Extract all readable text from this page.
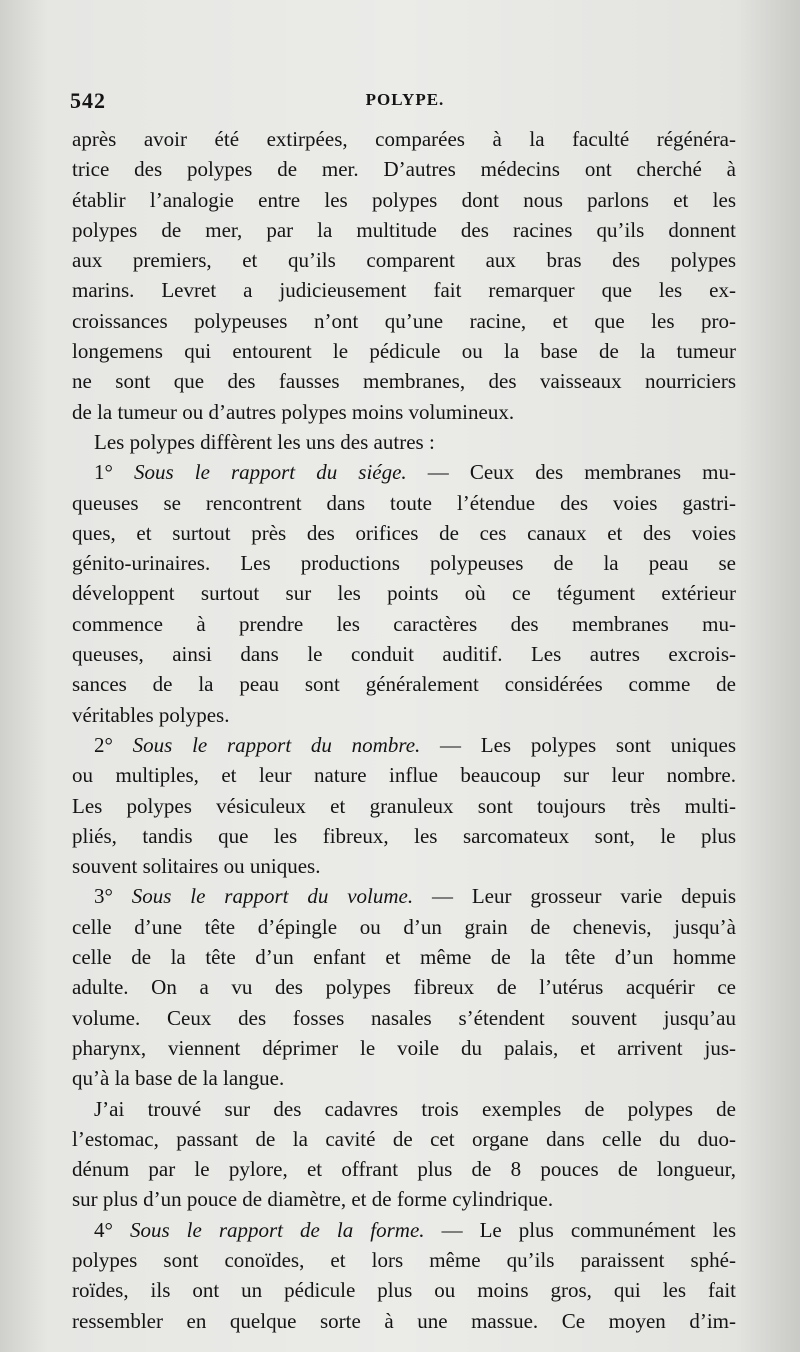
542	POLYPE.
après avoir été extirpées, comparées à la faculté régénéra-
trice des polypes de mer. D’autres médecins ont cherché à
établir l’analogie entre les polypes dont nous parlons et les
polypes de mer, par la multitude des racines qu’ils donnent
aux premiers, et qu’ils comparent aux bras des polypes
marins. Levret a judicieusement fait remarquer que les ex-
croissances polypeuses n’ont qu’une racine, et que les pro-
longemens qui entourent le pédicule ou la base de la tumeur
ne sont que des fausses membranes, des vaisseaux nourriciers
de la tumeur ou d’autres polypes moins volumineux.
Les polypes diffèrent les uns des autres :
1° Sous le rapport du siége. — Ceux des membranes mu-
queuses se rencontrent dans toute l’étendue des voies gastri-
ques, et surtout près des orifices de ces canaux et des voies
génito-urinaires. Les productions polypeuses de la peau se
développent surtout sur les points où ce tégument extérieur
commence à prendre les caractères des membranes mu-
queuses, ainsi dans le conduit auditif. Les autres excrois-
sances de la peau sont généralement considérées comme de
véritables polypes.
2° Sous le rapport du nombre. — Les polypes sont uniques
ou multiples, et leur nature influe beaucoup sur leur nombre.
Les polypes vésiculeux et granuleux sont toujours très multi-
pliés, tandis que les fibreux, les sarcomateux sont, le plus
souvent solitaires ou uniques.
3° Sous le rapport du volume. — Leur grosseur varie depuis
celle d’une tête d’épingle ou d’un grain de chenevis, jusqu’à
celle de la tête d’un enfant et même de la tête d’un homme
adulte. On a vu des polypes fibreux de l’utérus acquérir ce
volume. Ceux des fosses nasales s’étendent souvent jusqu’au
pharynx, viennent déprimer le voile du palais, et arrivent jus-
qu’à la base de la langue.
J’ai trouvé sur des cadavres trois exemples de polypes de
l’estomac, passant de la cavité de cet organe dans celle du duo-
dénum par le pylore, et offrant plus de 8 pouces de longueur,
sur plus d’un pouce de diamètre, et de forme cylindrique.
4° Sous le rapport de la forme. — Le plus communément les
polypes sont conoïdes, et lors même qu’ils paraissent sphé-
roïdes, ils ont un pédicule plus ou moins gros, qui les fait
ressembler en quelque sorte à une massue. Ce moyen d’im-
